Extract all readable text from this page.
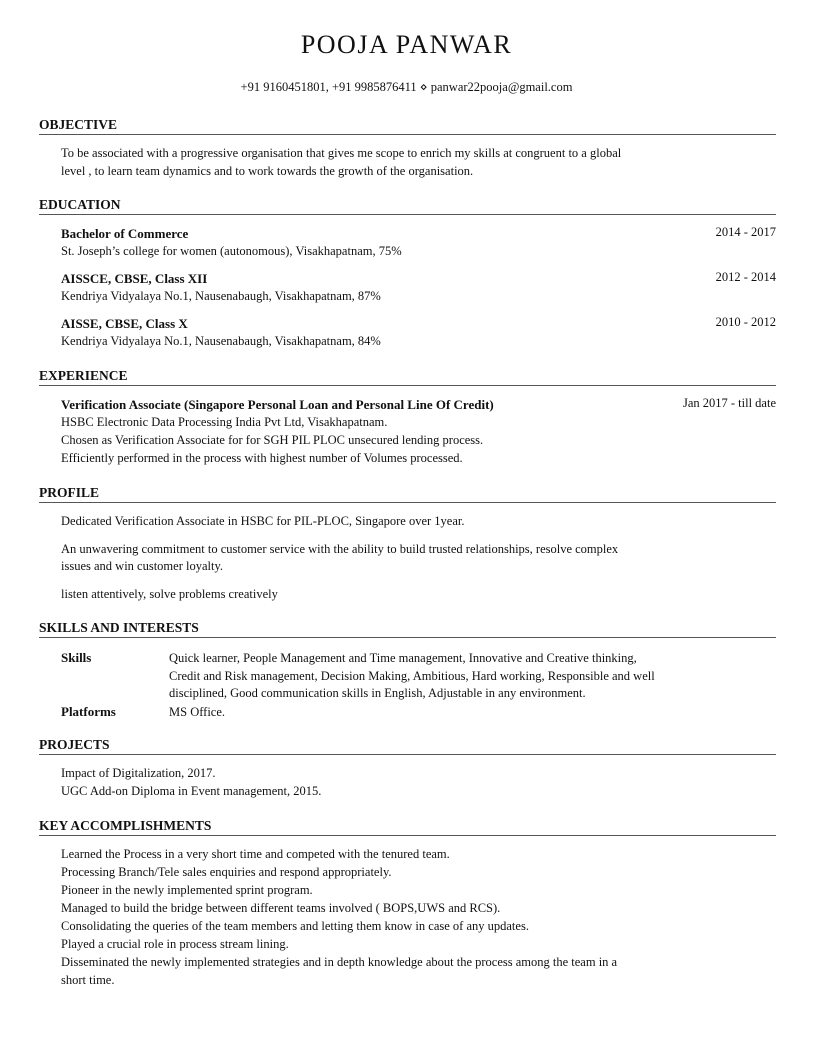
POOJA PANWAR
+91 9160451801, +91 9985876411 ⋄ panwar22pooja@gmail.com
OBJECTIVE
To be associated with a progressive organisation that gives me scope to enrich my skills at congruent to a global
level , to learn team dynamics and to work towards the growth of the organisation.
EDUCATION
Bachelor of Commerce	2014 - 2017
St. Joseph’s college for women (autonomous), Visakhapatnam, 75%
AISSCE, CBSE, Class XII	2012 - 2014
Kendriya Vidyalaya No.1, Nausenabaugh, Visakhapatnam, 87%
AISSE, CBSE, Class X	2010 - 2012
Kendriya Vidyalaya No.1, Nausenabaugh, Visakhapatnam, 84%
EXPERIENCE
Verification Associate (Singapore Personal Loan and Personal Line Of Credit)	Jan 2017 - till date
HSBC Electronic Data Processing India Pvt Ltd, Visakhapatnam.
Chosen as Verification Associate for for SGH PIL PLOC unsecured lending process.
Efficiently performed in the process with highest number of Volumes processed.
PROFILE
Dedicated Verification Associate in HSBC for PIL-PLOC, Singapore over 1year.
An unwavering commitment to customer service with the ability to build trusted relationships, resolve complex
issues and win customer loyalty.
listen attentively, solve problems creatively
SKILLS AND INTERESTS
Skills	Quick learner, People Management and Time management, Innovative and Creative thinking,
Credit and Risk management, Decision Making, Ambitious, Hard working, Responsible and well
disciplined, Good communication skills in English, Adjustable in any environment.
Platforms	MS Office.
PROJECTS
Impact of Digitalization, 2017.
UGC Add-on Diploma in Event management, 2015.
KEY ACCOMPLISHMENTS
Learned the Process in a very short time and competed with the tenured team.
Processing Branch/Tele sales enquiries and respond appropriately.
Pioneer in the newly implemented sprint program.
Managed to build the bridge between different teams involved ( BOPS,UWS and RCS).
Consolidating the queries of the team members and letting them know in case of any updates.
Played a crucial role in process stream lining.
Disseminated the newly implemented strategies and in depth knowledge about the process among the team in a
short time.
